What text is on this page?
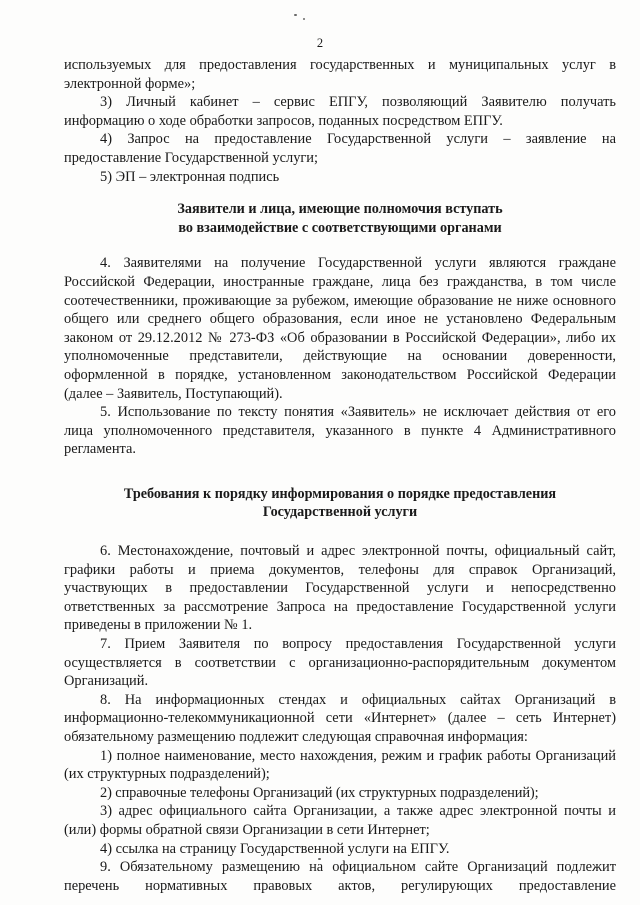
2

используемых для предоставления государственных и муниципальных услуг в электронной форме»;

3) Личный кабинет – сервис ЕПГУ, позволяющий Заявителю получать информацию о ходе обработки запросов, поданных посредством ЕПГУ.

4) Запрос на предоставление Государственной услуги – заявление на предоставление Государственной услуги;

5) ЭП – электронная подпись

Заявители и лица, имеющие полномочия вступать

во взаимодействие с соответствующими органами

4. Заявителями на получение Государственной услуги являются граждане Российской Федерации, иностранные граждане, лица без гражданства, в том числе соотечественники, проживающие за рубежом, имеющие образование не ниже основного общего или среднего общего образования, если иное не установлено Федеральным законом от 29.12.2012 № 273-ФЗ «Об образовании в Российской Федерации», либо их уполномоченные представители, действующие на основании доверенности, оформленной в порядке, установленном законодательством Российской Федерации (далее – Заявитель, Поступающий).

5. Использование по тексту понятия «Заявитель» не исключает действия от его лица уполномоченного представителя, указанного в пункте 4 Административного регламента.

Требования к порядку информирования о порядке предоставления

Государственной услуги

6. Местонахождение, почтовый и адрес электронной почты, официальный сайт, графики работы и приема документов, телефоны для справок Организаций, участвующих в предоставлении Государственной услуги и непосредственно ответственных за рассмотрение Запроса на предоставление Государственной услуги приведены в приложении № 1.

7. Прием Заявителя по вопросу предоставления Государственной услуги осуществляется в соответствии с организационно-распорядительным документом Организаций.

8. На информационных стендах и официальных сайтах Организаций в информационно-телекоммуникационной сети «Интернет» (далее – сеть Интернет) обязательному размещению подлежит следующая справочная информация:

1) полное наименование, место нахождения, режим и график работы Организаций (их структурных подразделений);

2) справочные телефоны Организаций (их структурных подразделений);

3) адрес официального сайта Организации, а также адрес электронной почты и (или) формы обратной связи Организации в сети Интернет;

4) ссылка на страницу Государственной услуги на ЕПГУ.

9. Обязательному размещению на официальном сайте Организаций подлежит перечень нормативных правовых актов, регулирующих предоставление
